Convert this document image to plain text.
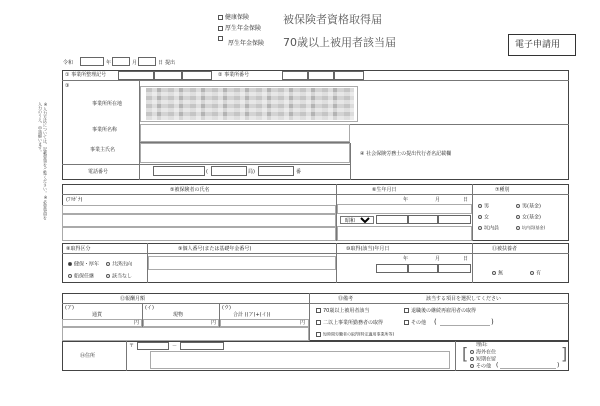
健康保険
厚生年金保険
厚生年金保険
被保険者資格取得届
70歳以上被用者該当届	電子申請用
令和	年	月	日 提出
※入力方法については、記載要領をご覧ください。※必要事項を入力のうえ、申請願います。
① 事業所整理記号	② 事業所番号
③
事業所所在地
事業所名称
事業主氏名
電話番号	(	局)	番
④ 社会保険労務士の提出代行者名記載欄
⑤被保険者の氏名
(ﾌﾘｶﾞﾅ)
⑥生年月日
年	月	日
昭和
⑦種別
男	男(基金)
女	女(基金)
坑内員	坑内員(基金)
⑧取得区分
健保・厚年	共済出向
船保任継	該当なし
⑨個人番号(または基礎年金番号)	⑩取得(該当)年月日
年	月	日
⑪被扶養者
無	有
⑫報酬月額
(ア)
通貨
円
(イ)
現物
円
(ウ)
合計 ((ア)+(イ))
円
⑬備考	該当する項目を選択してください
70歳以上被用者該当
二以上事業所勤務者の取得
短時間労働者の取得(特定適用事業所等)
退職後の継続再雇用者の取得
その他 (	)
⑭住所
〒	－	理由:
[	海外在住
短期在留
その他 (	)
]
